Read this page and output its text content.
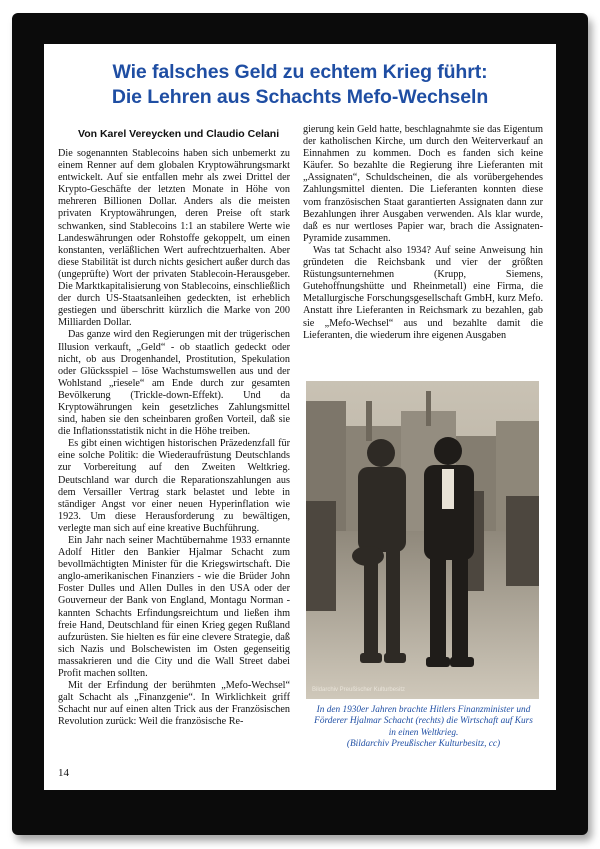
Wie falsches Geld zu echtem Krieg führt:
Die Lehren aus Schachts Mefo-Wechseln
Von Karel Vereycken und Claudio Celani

Die sogenannten Stablecoins haben sich unbemerkt zu einem Renner auf dem globalen Kryptowährungsmarkt entwickelt. Auf sie entfallen mehr als zwei Drittel der Krypto-Geschäfte der letzten Monate in Höhe von mehreren Billionen Dollar. Anders als die meisten privaten Kryptowährungen, deren Preise oft stark schwanken, sind Stablecoins 1:1 an stabilere Werte wie Landeswährungen oder Rohstoffe gekoppelt, um einen konstanten, verläßlichen Wert aufrechtzuerhalten. Aber diese Stabilität ist durch nichts gesichert außer durch das (ungeprüfte) Wort der privaten Stablecoin-Herausgeber. Die Marktkapitalisierung von Stablecoins, einschließlich der durch US-Staatsanleihen gedeckten, ist erheblich gestiegen und überschritt kürzlich die Marke von 200 Milliarden Dollar.

Das ganze wird den Regierungen mit der trügerischen Illusion verkauft, „Geld“ - ob staatlich gedeckt oder nicht, ob aus Drogenhandel, Prostitution, Spekulation oder Glücksspiel – löse Wachstumswellen aus und der Wohlstand „riesele“ am Ende durch zur gesamten Bevölkerung (Trickle-down-Effekt). Und da Kryptowährungen kein gesetzliches Zahlungsmittel sind, haben sie den scheinbaren großen Vorteil, daß sie die Inflationsstatistik nicht in die Höhe treiben.

Es gibt einen wichtigen historischen Präzedenzfall für eine solche Politik: die Wiederaufrüstung Deutschlands zur Vorbereitung auf den Zweiten Weltkrieg. Deutschland war durch die Reparationszahlungen aus dem Versailler Vertrag stark belastet und lebte in ständiger Angst vor einer neuen Hyperinflation wie 1923. Um diese Herausforderung zu bewältigen, verlegte man sich auf eine kreative Buchführung.

Ein Jahr nach seiner Machtübernahme 1933 ernannte Adolf Hitler den Bankier Hjalmar Schacht zum bevollmächtigten Minister für die Kriegswirtschaft. Die anglo-amerikanischen Finanziers - wie die Brüder John Foster Dulles und Allen Dulles in den USA oder der Gouverneur der Bank von England, Montagu Norman - kannten Schachts Erfindungsreichtum und ließen ihm freie Hand, Deutschland für einen Krieg gegen Rußland aufzurüsten. Sie hielten es für eine clevere Strategie, daß sich Nazis und Bolschewisten im Osten gegenseitig massakrieren und die City und die Wall Street dabei Profit machen sollten.

Mit der Erfindung der berühmten „Mefo-Wechsel“ galt Schacht als „Finanzgenie“. In Wirklichkeit griff Schacht nur auf einen alten Trick aus der Französischen Revolution zurück: Weil die französische Re-

gierung kein Geld hatte, beschlagnahmte sie das Eigentum der katholischen Kirche, um durch den Weiterverkauf an Einnahmen zu kommen. Doch es fanden sich keine Käufer. So bezahlte die Regierung ihre Lieferanten mit „Assignaten“, Schuldscheinen, die als vorübergehendes Zahlungsmittel dienten. Die Lieferanten konnten diese vom französischen Staat garantierten Assignaten dann zur Bezahlungen ihrer Ausgaben verwenden. Als klar wurde, daß es nur wertloses Papier war, brach die Assignaten-Pyramide zusammen.

Was tat Schacht also 1934? Auf seine Anweisung hin gründeten die Reichsbank und vier der größten Rüstungsunternehmen (Krupp, Siemens, Gutehoffnungshütte und Rheinmetall) eine Firma, die Metallurgische Forschungsgesellschaft GmbH, kurz Mefo. Anstatt ihre Lieferanten in Reichsmark zu bezahlen, gab sie „Mefo-Wechsel“ aus und bezahlte damit die Lieferanten, die wiederum ihre eigenen Ausgaben

Bildarchiv Preußischer Kulturbesitz
In den 1930er Jahren brachte Hitlers Finanzminister und
Förderer Hjalmar Schacht (rechts) die Wirtschaft auf Kurs
in einen Weltkrieg.
(Bildarchiv Preußischer Kulturbesitz, cc)
14
